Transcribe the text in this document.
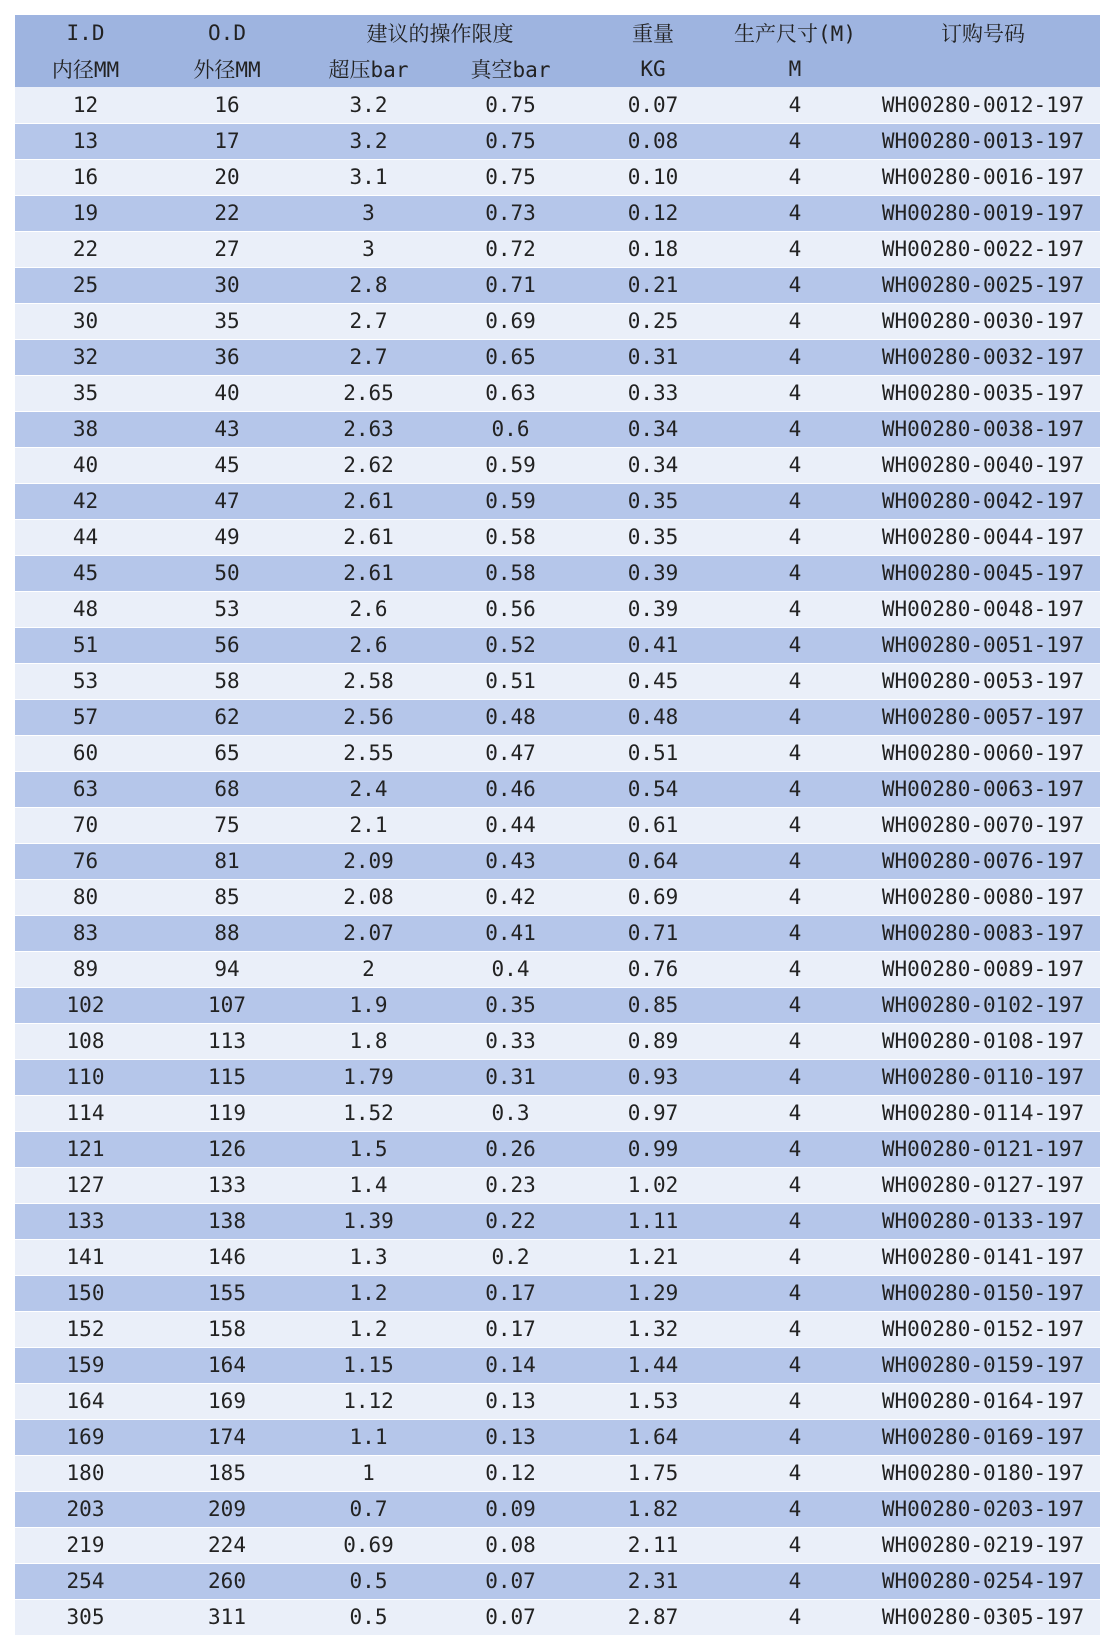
I.D	O.D	建议的操作限度		重量	生产尺寸(M)	订购号码
内径MM	外径MM	超压bar	真空bar	KG	M	
12	16	3.2	0.75	0.07	4	WH00280-0012-197
13	17	3.2	0.75	0.08	4	WH00280-0013-197
16	20	3.1	0.75	0.10	4	WH00280-0016-197
19	22	3	0.73	0.12	4	WH00280-0019-197
22	27	3	0.72	0.18	4	WH00280-0022-197
25	30	2.8	0.71	0.21	4	WH00280-0025-197
30	35	2.7	0.69	0.25	4	WH00280-0030-197
32	36	2.7	0.65	0.31	4	WH00280-0032-197
35	40	2.65	0.63	0.33	4	WH00280-0035-197
38	43	2.63	0.6	0.34	4	WH00280-0038-197
40	45	2.62	0.59	0.34	4	WH00280-0040-197
42	47	2.61	0.59	0.35	4	WH00280-0042-197
44	49	2.61	0.58	0.35	4	WH00280-0044-197
45	50	2.61	0.58	0.39	4	WH00280-0045-197
48	53	2.6	0.56	0.39	4	WH00280-0048-197
51	56	2.6	0.52	0.41	4	WH00280-0051-197
53	58	2.58	0.51	0.45	4	WH00280-0053-197
57	62	2.56	0.48	0.48	4	WH00280-0057-197
60	65	2.55	0.47	0.51	4	WH00280-0060-197
63	68	2.4	0.46	0.54	4	WH00280-0063-197
70	75	2.1	0.44	0.61	4	WH00280-0070-197
76	81	2.09	0.43	0.64	4	WH00280-0076-197
80	85	2.08	0.42	0.69	4	WH00280-0080-197
83	88	2.07	0.41	0.71	4	WH00280-0083-197
89	94	2	0.4	0.76	4	WH00280-0089-197
102	107	1.9	0.35	0.85	4	WH00280-0102-197
108	113	1.8	0.33	0.89	4	WH00280-0108-197
110	115	1.79	0.31	0.93	4	WH00280-0110-197
114	119	1.52	0.3	0.97	4	WH00280-0114-197
121	126	1.5	0.26	0.99	4	WH00280-0121-197
127	133	1.4	0.23	1.02	4	WH00280-0127-197
133	138	1.39	0.22	1.11	4	WH00280-0133-197
141	146	1.3	0.2	1.21	4	WH00280-0141-197
150	155	1.2	0.17	1.29	4	WH00280-0150-197
152	158	1.2	0.17	1.32	4	WH00280-0152-197
159	164	1.15	0.14	1.44	4	WH00280-0159-197
164	169	1.12	0.13	1.53	4	WH00280-0164-197
169	174	1.1	0.13	1.64	4	WH00280-0169-197
180	185	1	0.12	1.75	4	WH00280-0180-197
203	209	0.7	0.09	1.82	4	WH00280-0203-197
219	224	0.69	0.08	2.11	4	WH00280-0219-197
254	260	0.5	0.07	2.31	4	WH00280-0254-197
305	311	0.5	0.07	2.87	4	WH00280-0305-197
